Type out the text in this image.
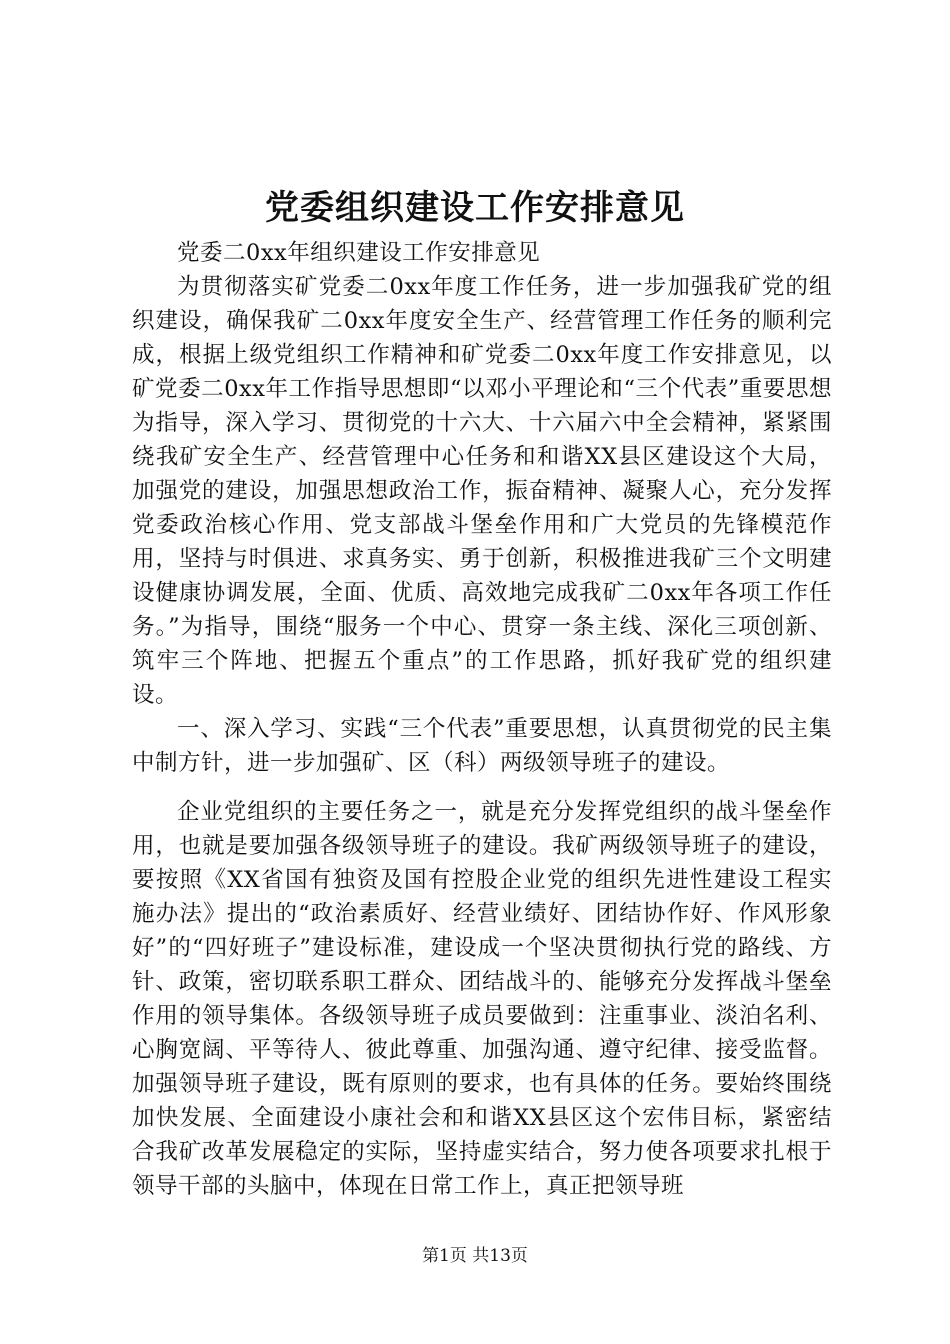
党委组织建设工作安排意见

党委二0xx年组织建设工作安排意见

为贯彻落实矿党委二0xx年度工作任务，进一步加强我矿党的组织建设，确保我矿二0xx年度安全生产、经营管理工作任务的顺利完成，根据上级党组织工作精神和矿党委二0xx年度工作安排意见，以矿党委二0xx年工作指导思想即“以邓小平理论和“三个代表”重要思想为指导，深入学习、贯彻党的十六大、十六届六中全会精神，紧紧围绕我矿安全生产、经营管理中心任务和和谐XX县区建设这个大局，加强党的建设，加强思想政治工作，振奋精神、凝聚人心，充分发挥党委政治核心作用、党支部战斗堡垒作用和广大党员的先锋模范作用，坚持与时俱进、求真务实、勇于创新，积极推进我矿三个文明建设健康协调发展，全面、优质、高效地完成我矿二0xx年各项工作任务。”为指导，围绕“服务一个中心、贯穿一条主线、深化三项创新、筑牢三个阵地、把握五个重点”的工作思路，抓好我矿党的组织建设。

一、深入学习、实践“三个代表”重要思想，认真贯彻党的民主集中制方针，进一步加强矿、区（科）两级领导班子的建设。

企业党组织的主要任务之一，就是充分发挥党组织的战斗堡垒作用，也就是要加强各级领导班子的建设。我矿两级领导班子的建设，要按照《XX省国有独资及国有控股企业党的组织先进性建设工程实施办法》提出的“政治素质好、经营业绩好、团结协作好、作风形象好”的“四好班子”建设标准，建设成一个坚决贯彻执行党的路线、方针、政策，密切联系职工群众、团结战斗的、能够充分发挥战斗堡垒作用的领导集体。各级领导班子成员要做到：注重事业、淡泊名利、心胸宽阔、平等待人、彼此尊重、加强沟通、遵守纪律、接受监督。加强领导班子建设，既有原则的要求，也有具体的任务。要始终围绕加快发展、全面建设小康社会和和谐XX县区这个宏伟目标，紧密结合我矿改革发展稳定的实际，坚持虚实结合，努力使各项要求扎根于领导干部的头脑中，体现在日常工作上，真正把领导班

第1页 共13页
